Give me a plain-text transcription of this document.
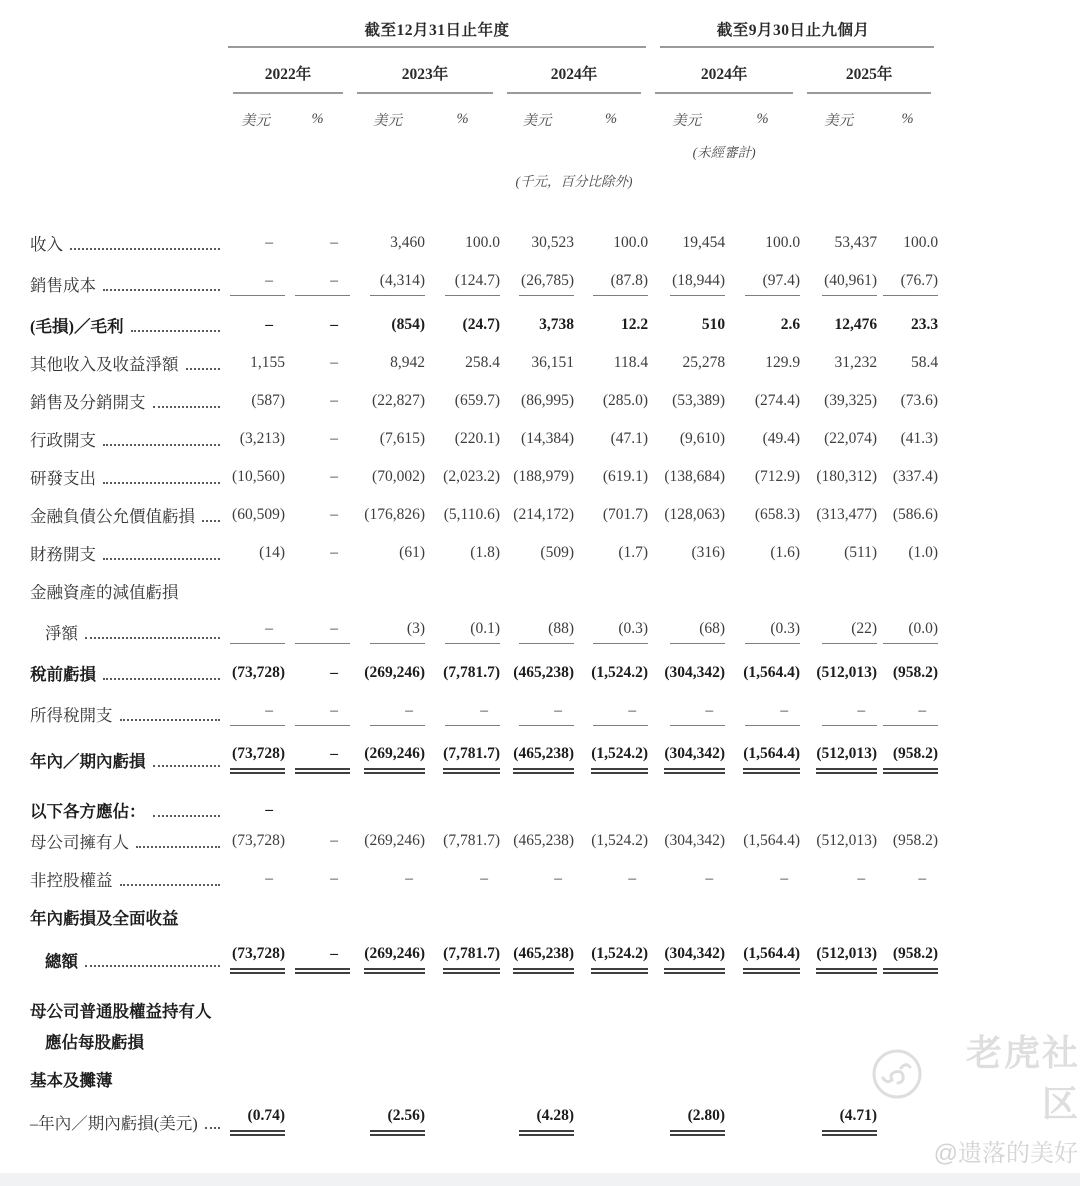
	截至12月31日止年度						截至9月30日止九個月			

	2022年		2023年		2024年		2024年		2025年	

	美元	%	美元	%	美元	%	美元	%	美元	%
							(未經審計)			
					(千元，百分比除外)					

收入	–	–	3,460	100.0	30,523	100.0	19,454	100.0	53,437	100.0

銷售成本	–	–	(4,314)	(124.7)	(26,785)	(87.8)	(18,944)	(97.4)	(40,961)	(76.7)

(毛損)／毛利	–	–	(854)	(24.7)	3,738	12.2	510	2.6	12,476	23.3

其他收入及收益淨額	1,155	–	8,942	258.4	36,151	118.4	25,278	129.9	31,232	58.4

銷售及分銷開支	(587)	–	(22,827)	(659.7)	(86,995)	(285.0)	(53,389)	(274.4)	(39,325)	(73.6)

行政開支	(3,213)	–	(7,615)	(220.1)	(14,384)	(47.1)	(9,610)	(49.4)	(22,074)	(41.3)

研發支出	(10,560)	–	(70,002)	(2,023.2)	(188,979)	(619.1)	(138,684)	(712.9)	(180,312)	(337.4)

金融負債公允價值虧損	(60,509)	–	(176,826)	(5,110.6)	(214,172)	(701.7)	(128,063)	(658.3)	(313,477)	(586.6)

財務開支	(14)	–	(61)	(1.8)	(509)	(1.7)	(316)	(1.6)	(511)	(1.0)

金融資產的減值虧損										

淨額	–	–	(3)	(0.1)	(88)	(0.3)	(68)	(0.3)	(22)	(0.0)

稅前虧損	(73,728)	–	(269,246)	(7,781.7)	(465,238)	(1,524.2)	(304,342)	(1,564.4)	(512,013)	(958.2)

所得稅開支	–	–	–	–	–	–	–	–	–	–

年內／期內虧損	(73,728)	–	(269,246)	(7,781.7)	(465,238)	(1,524.2)	(304,342)	(1,564.4)	(512,013)	(958.2)

以下各方應佔：	–									

母公司擁有人	(73,728)	–	(269,246)	(7,781.7)	(465,238)	(1,524.2)	(304,342)	(1,564.4)	(512,013)	(958.2)

非控股權益	–	–	–	–	–	–	–	–	–	–

年內虧損及全面收益										

總額	(73,728)	–	(269,246)	(7,781.7)	(465,238)	(1,524.2)	(304,342)	(1,564.4)	(512,013)	(958.2)

母公司普通股權益持有人										

應佔每股虧損										

基本及攤薄										

–年內／期內虧損(美元)	(0.74)		(2.56)		(4.28)		(2.80)		(4.71)	
老虎社区
@遗落的美好
